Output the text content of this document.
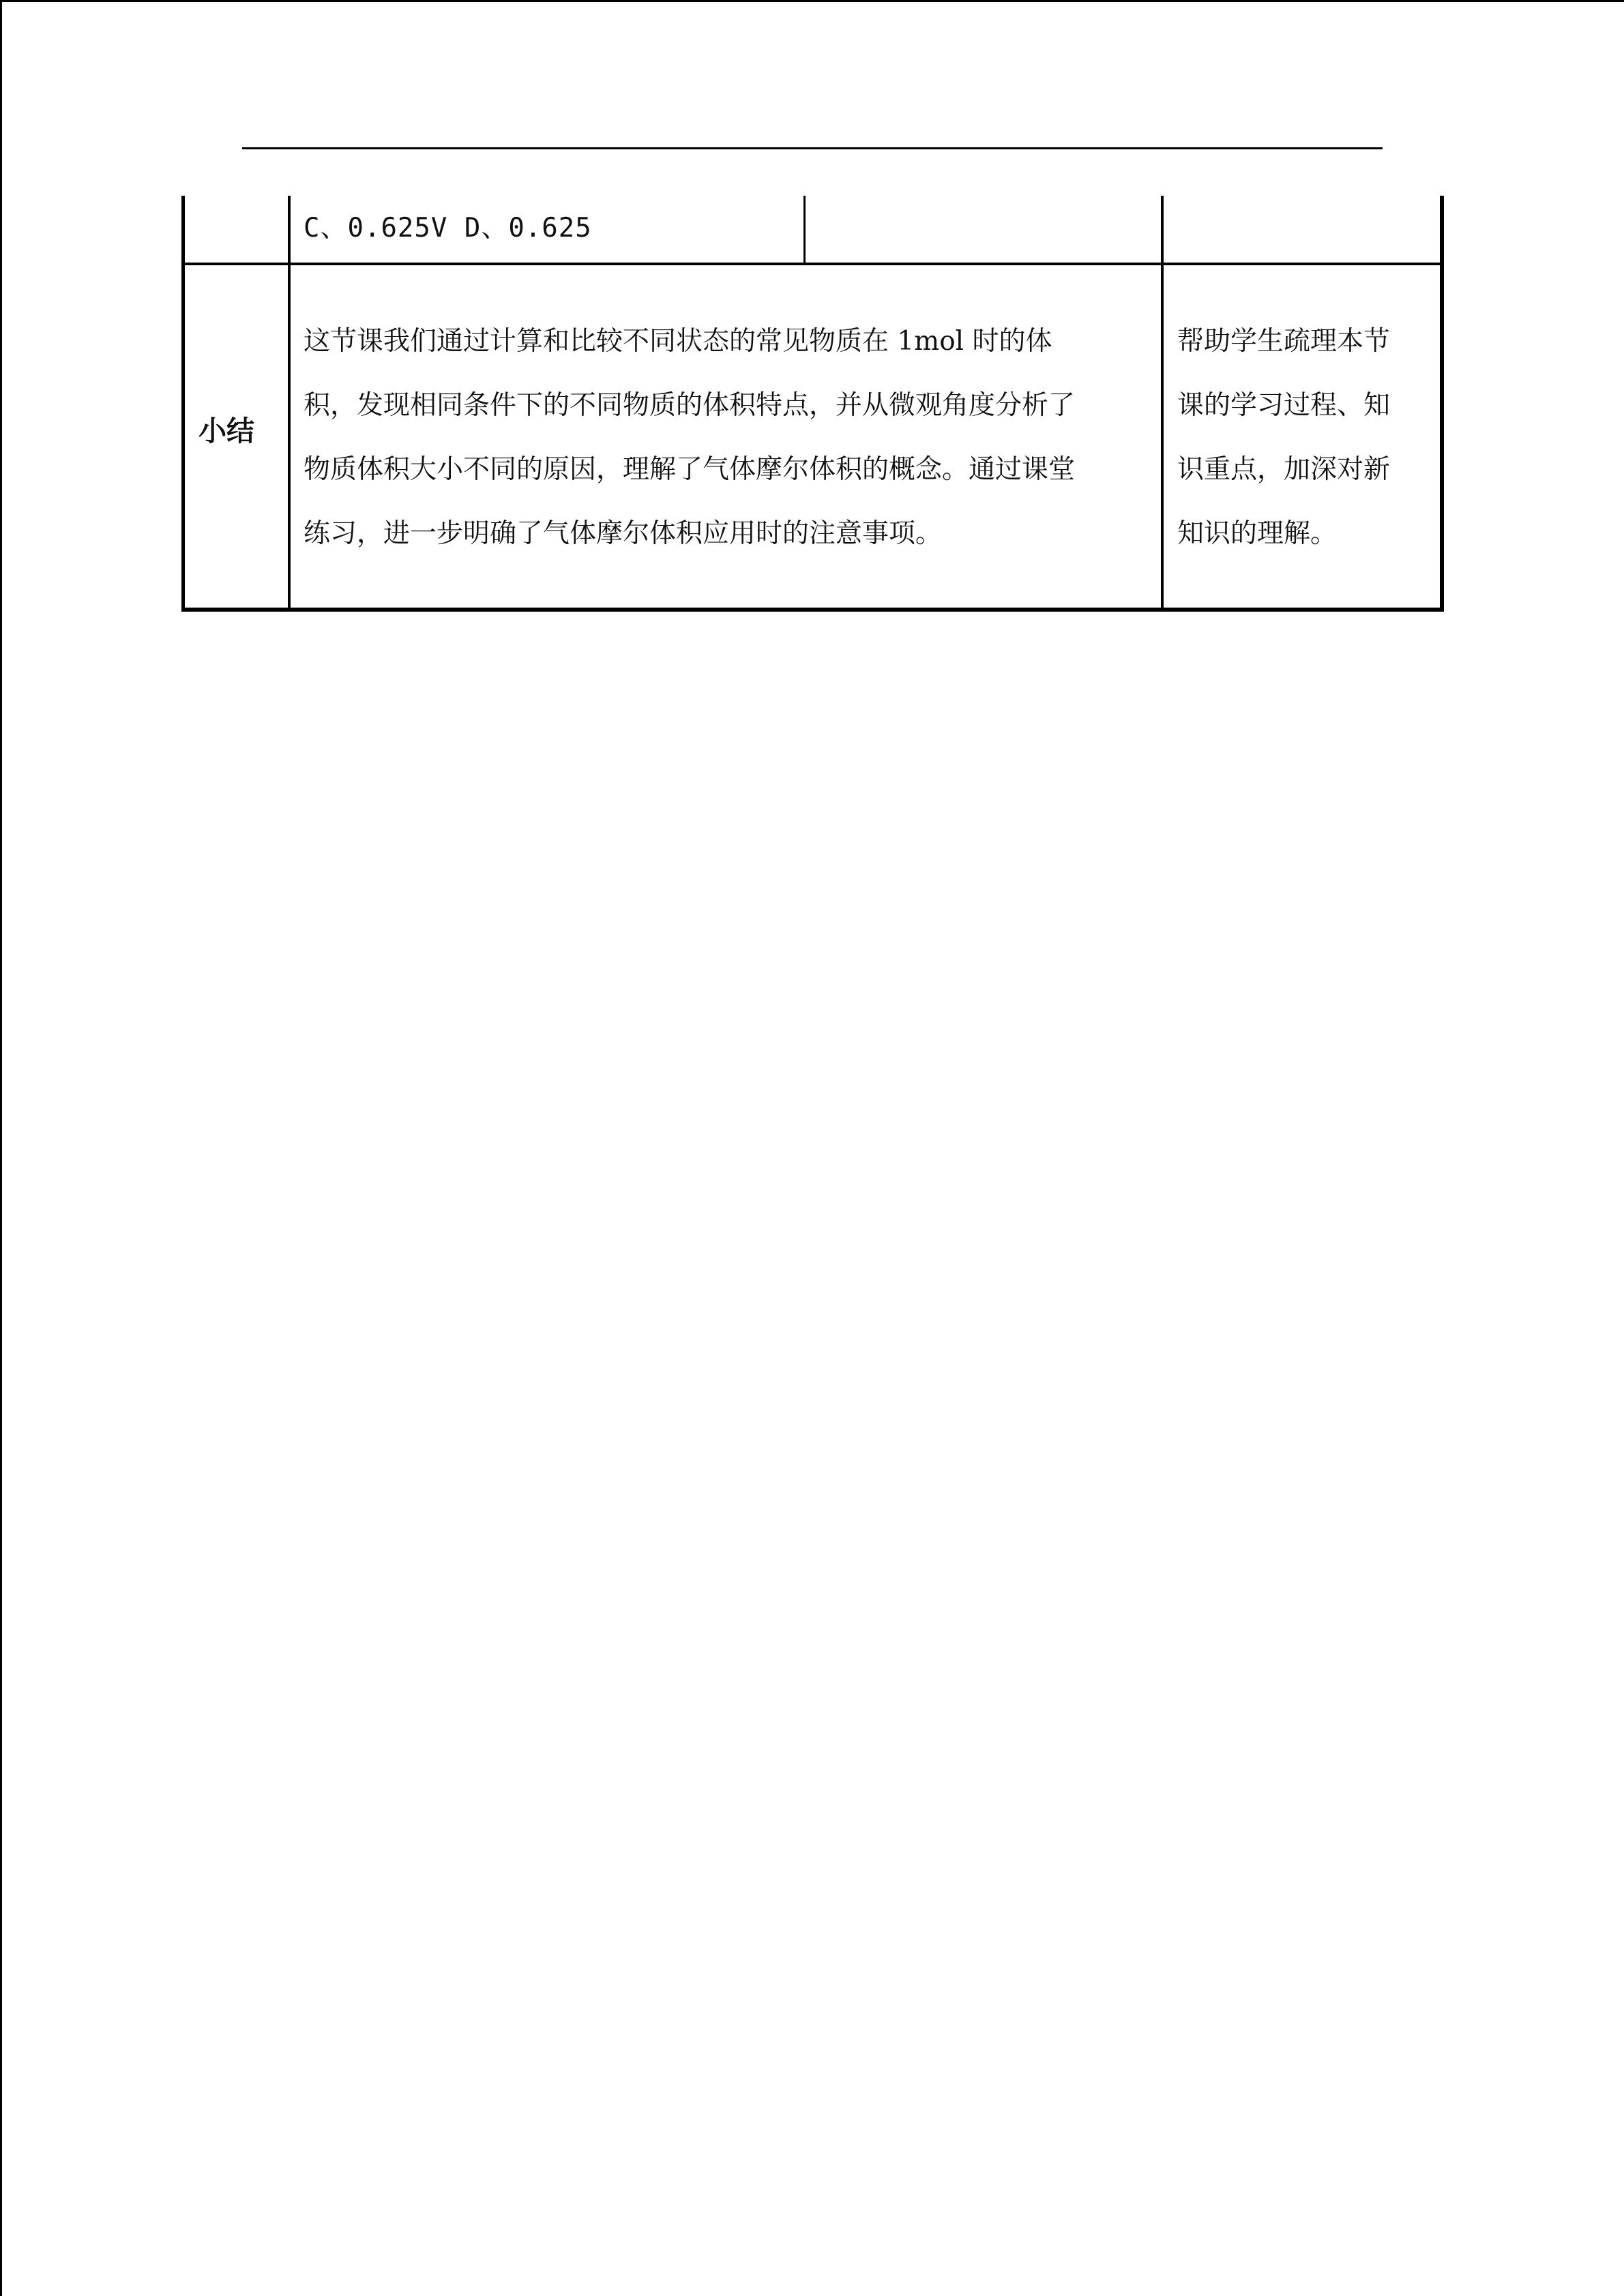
C、0.625V D、0.625
小结
这节课我们通过计算和比较不同状态的常见物质在 1mol 时的体
积，发现相同条件下的不同物质的体积特点，并从微观角度分析了
物质体积大小不同的原因，理解了气体摩尔体积的概念。通过课堂
练习，进一步明确了气体摩尔体积应用时的注意事项。
帮助学生疏理本节
课的学习过程、知
识重点，加深对新
知识的理解。
